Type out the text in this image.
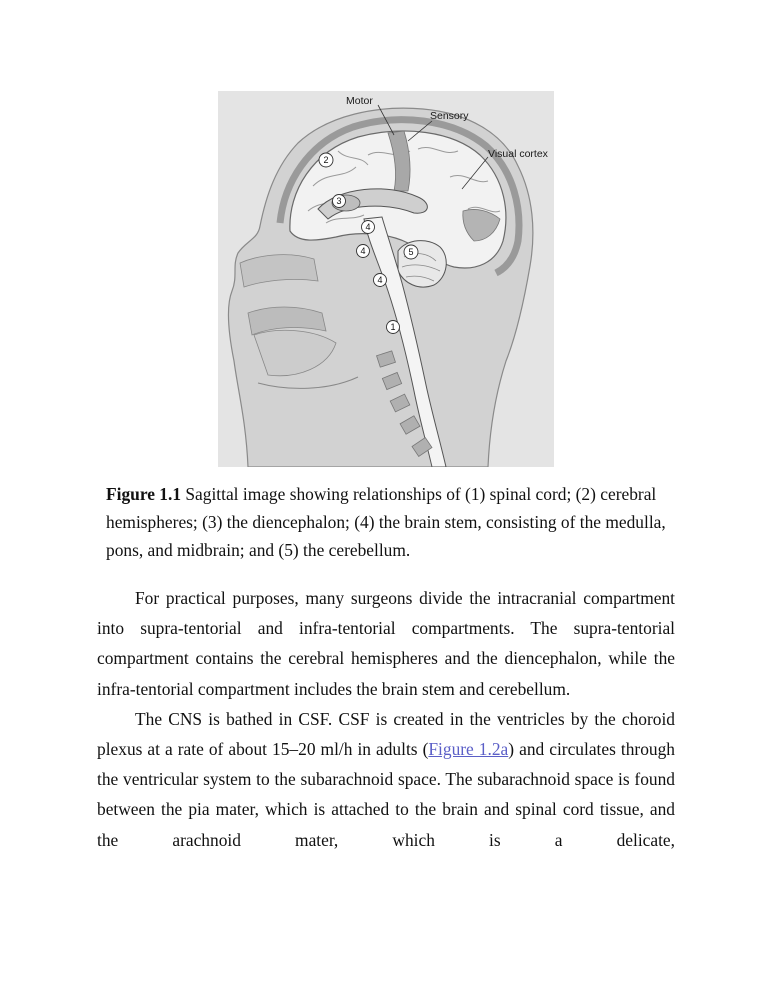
Motor
Sensory
Visual cortex
2
3
4
4
4
5
1
Figure 1.1 Sagittal image showing relationships of (1) spinal cord; (2) cerebral hemispheres; (3) the diencephalon; (4) the brain stem, consisting of the medulla, pons, and midbrain; and (5) the cerebellum.

For practical purposes, many surgeons divide the intracranial compartment into supra-tentorial and infra-tentorial compartments. The supra-tentorial compartment contains the cerebral hemispheres and the diencephalon, while the infra-tentorial compartment includes the brain stem and cerebellum.

The CNS is bathed in CSF. CSF is created in the ventricles by the choroid plexus at a rate of about 15–20 ml/h in adults (Figure 1.2a) and circulates through the ventricular system to the subarachnoid space. The subarachnoid space is found between the pia mater, which is attached to the brain and spinal cord tissue, and the arachnoid mater, which is a delicate,
